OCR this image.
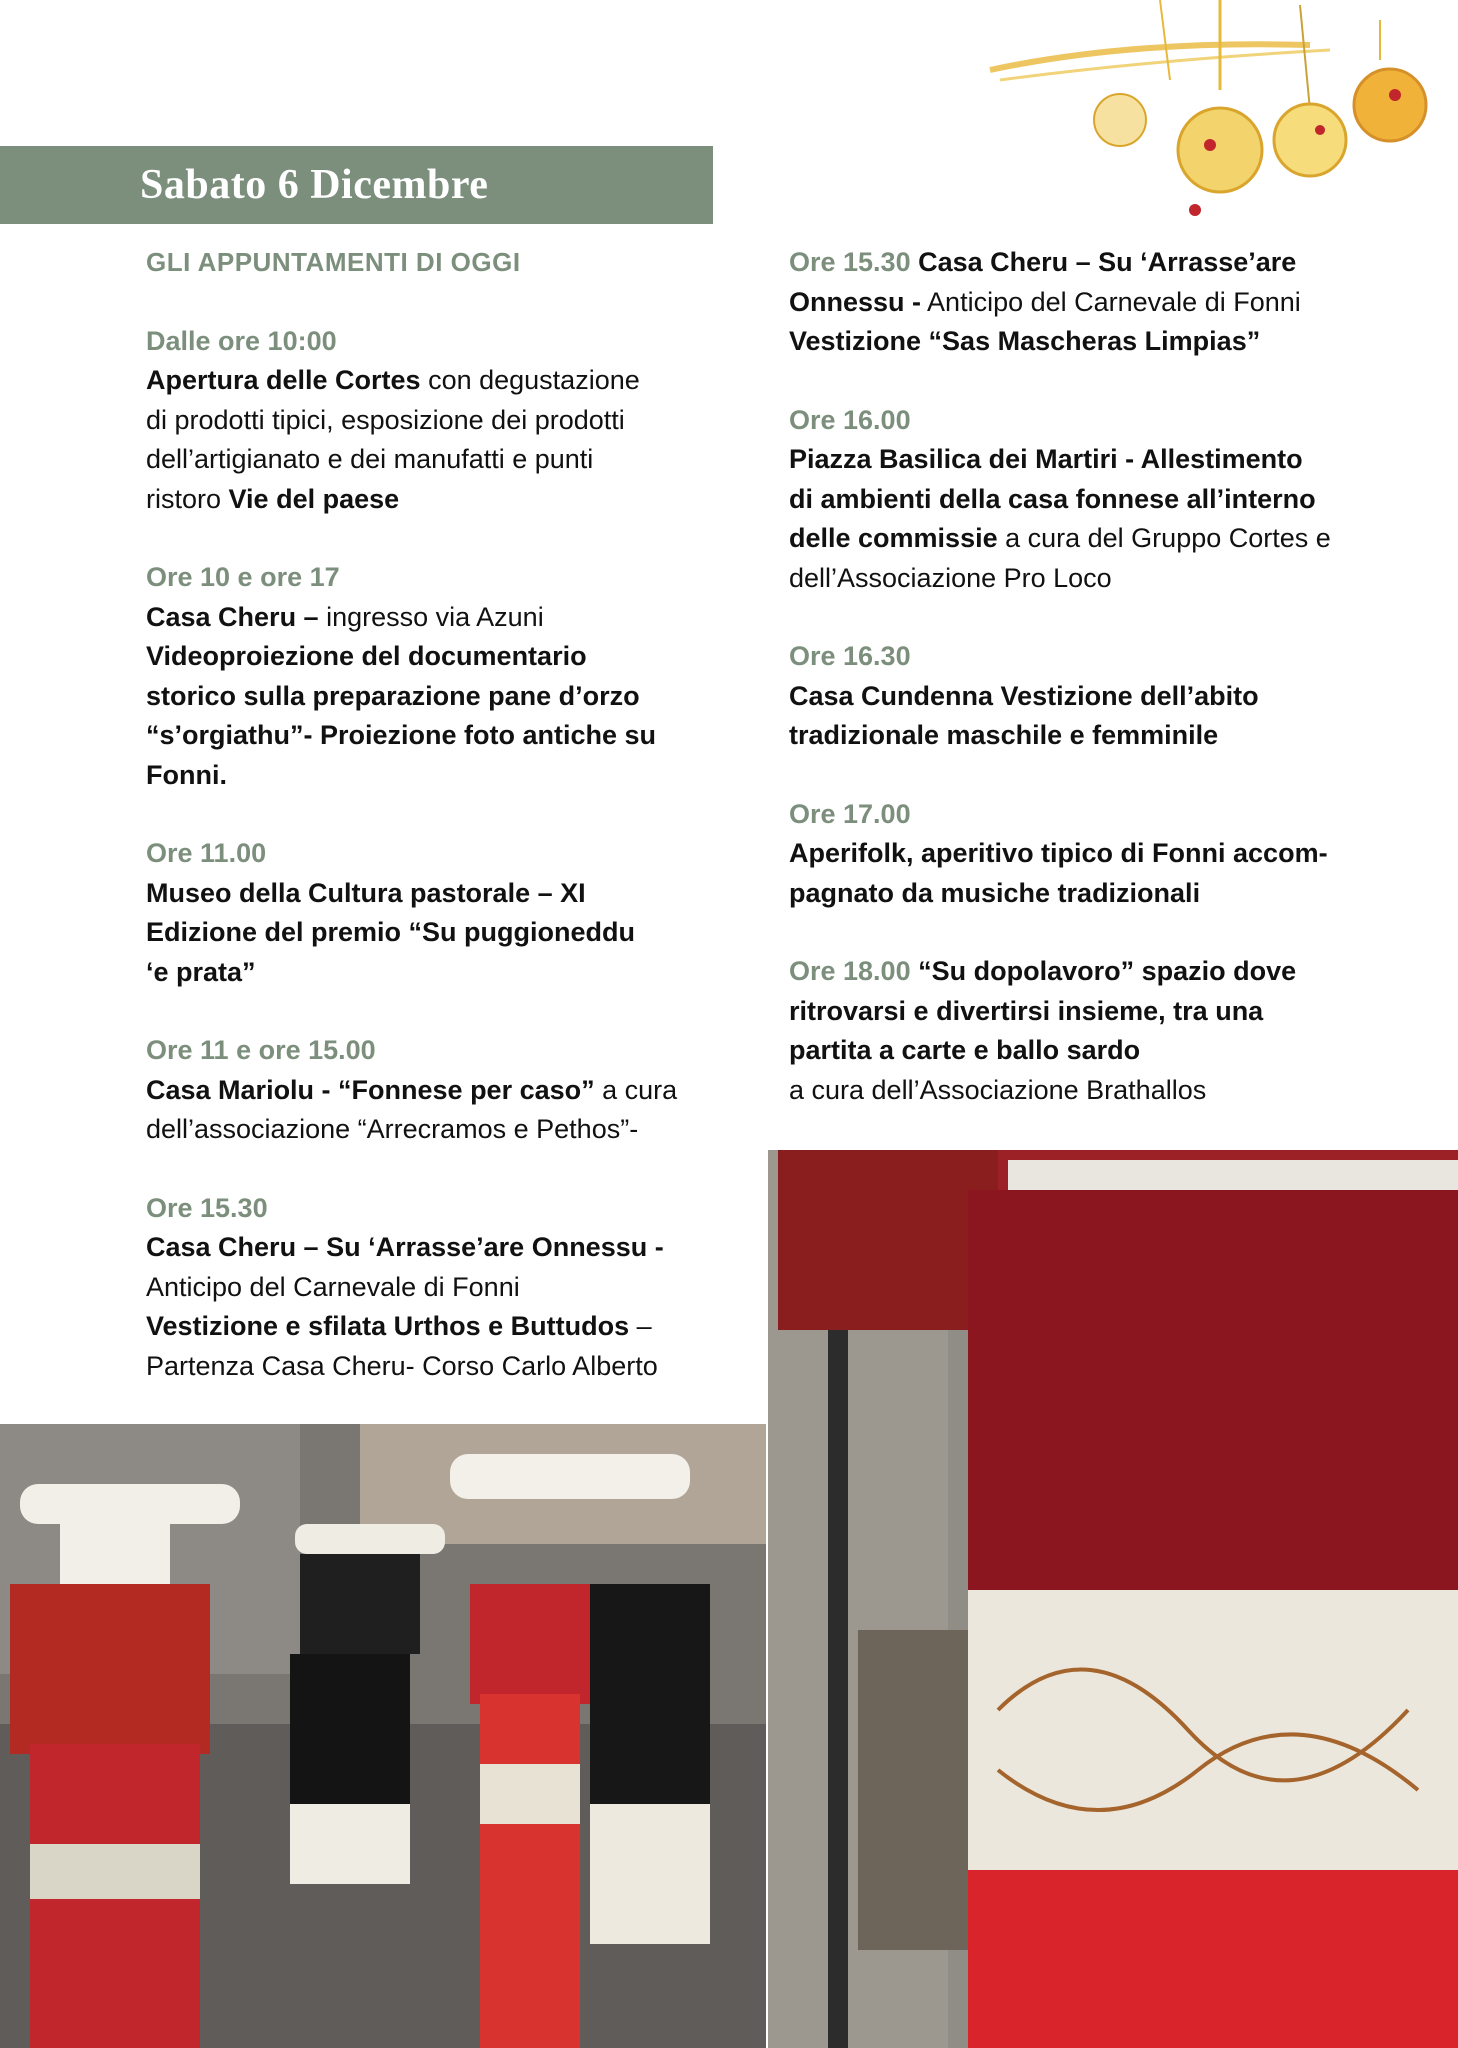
Sabato 6 Dicembre
GLI APPUNTAMENTI DI OGGI
Dalle ore 10:00
Apertura delle Cortes con degustazione
di prodotti tipici, esposizione dei prodotti
dell’artigianato e dei manufatti e punti
ristoro Vie del paese
Ore 10 e ore 17
Casa Cheru – ingresso via Azuni
Videoproiezione del documentario
storico sulla preparazione pane d’orzo
“s’orgiathu”- Proiezione foto antiche su
Fonni.
Ore 11.00
Museo della Cultura pastorale – XI
Edizione del premio “Su puggioneddu
‘e prata”
Ore 11 e ore 15.00
Casa Mariolu - “Fonnese per caso” a cura
dell’associazione “Arrecramos e Pethos”-
Ore 15.30
Casa Cheru – Su ‘Arrasse’are Onnessu -
Anticipo del Carnevale di Fonni
Vestizione e sfilata Urthos e Buttudos –
Partenza Casa Cheru- Corso Carlo Alberto
Ore 15.30 Casa Cheru – Su ‘Arrasse’are
Onnessu - Anticipo del Carnevale di Fonni
Vestizione “Sas Mascheras Limpias”
Ore 16.00
Piazza Basilica dei Martiri - Allestimento
di ambienti della casa fonnese all’interno
delle commissie a cura del Gruppo Cortes e
dell’Associazione Pro Loco
Ore 16.30
Casa Cundenna Vestizione dell’abito
tradizionale maschile e femminile
Ore 17.00
Aperifolk, aperitivo tipico di Fonni accom-
pagnato da musiche tradizionali
Ore 18.00 “Su dopolavoro” spazio dove
ritrovarsi e divertirsi insieme, tra una
partita a carte e ballo sardo
a cura dell’Associazione Brathallos
